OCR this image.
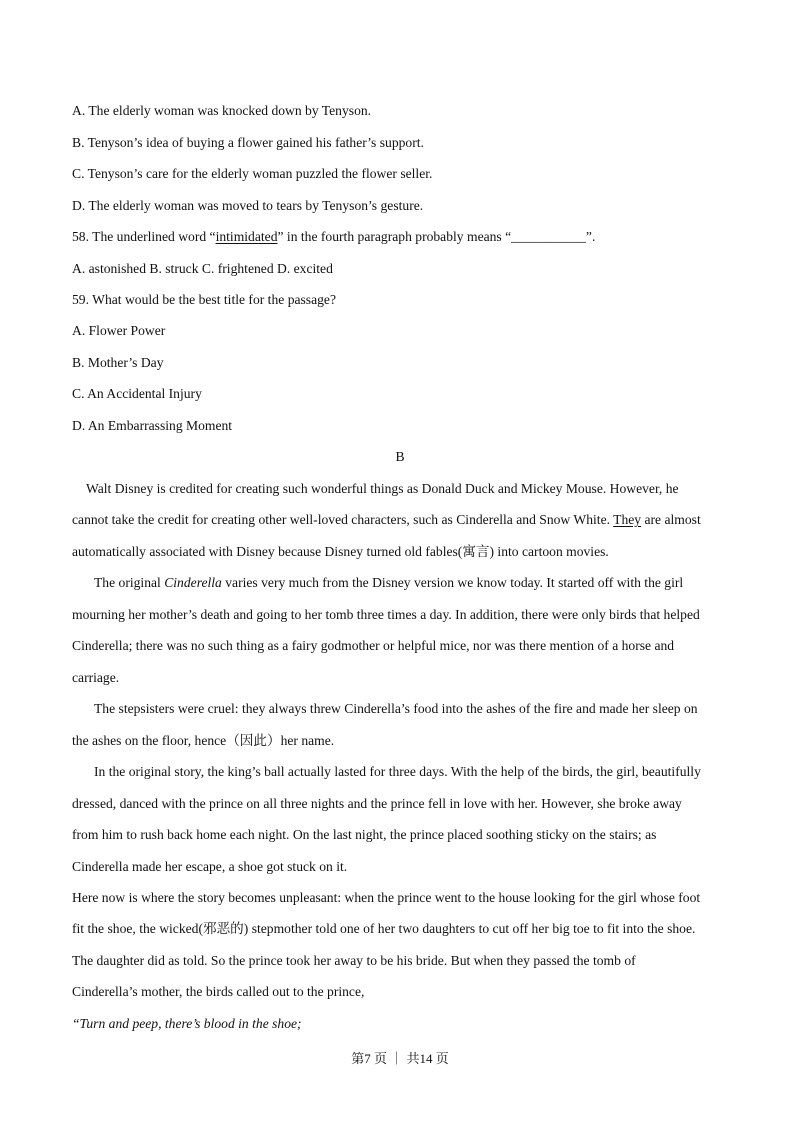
A. The elderly woman was knocked down by Tenyson.

B. Tenyson’s idea of buying a flower gained his father’s support.

C. Tenyson’s care for the elderly woman puzzled the flower seller.

D. The elderly woman was moved to tears by Tenyson’s gesture.

58. The underlined word “intimidated” in the fourth paragraph probably means “___________”.

A. astonished B. struck C. frightened D. excited

59. What would be the best title for the passage?

A. Flower Power

B. Mother’s Day

C. An Accidental Injury

D. An Embarrassing Moment

B

Walt Disney is credited for creating such wonderful things as Donald Duck and Mickey Mouse. However, he

cannot take the credit for creating other well-loved characters, such as Cinderella and Snow White. They are almost

automatically associated with Disney because Disney turned old fables(寓言) into cartoon movies.

The original Cinderella varies very much from the Disney version we know today. It started off with the girl

mourning her mother’s death and going to her tomb three times a day. In addition, there were only birds that helped

Cinderella; there was no such thing as a fairy godmother or helpful mice, nor was there mention of a horse and

carriage.

The stepsisters were cruel: they always threw Cinderella’s food into the ashes of the fire and made her sleep on

the ashes on the floor, hence（因此）her name.

In the original story, the king’s ball actually lasted for three days. With the help of the birds, the girl, beautifully

dressed, danced with the prince on all three nights and the prince fell in love with her. However, she broke away

from him to rush back home each night. On the last night, the prince placed soothing sticky on the stairs; as

Cinderella made her escape, a shoe got stuck on it.

Here now is where the story becomes unpleasant: when the prince went to the house looking for the girl whose foot

fit the shoe, the wicked(邪恶的) stepmother told one of her two daughters to cut off her big toe to fit into the shoe.

The daughter did as told. So the prince took her away to be his bride. But when they passed the tomb of

Cinderella’s mother, the birds called out to the prince,

“Turn and peep, there’s blood in the shoe;

第7 页 ｜ 共14 页
